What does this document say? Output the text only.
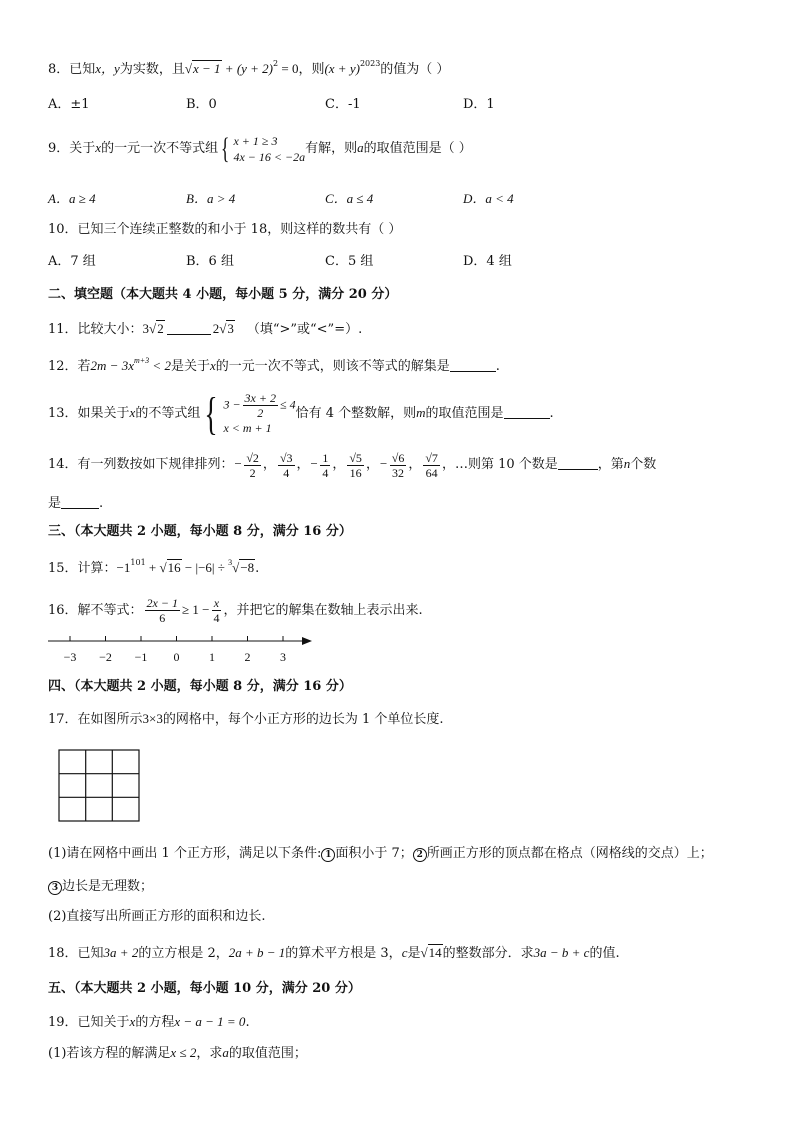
8．已知x，y为实数，且$√x - 1 + (y + 2)^2 = 0$，则$(x + y)^{2023}$的值为（ ）
A．±1	B．0	C．-1	D．1
9．关于x的一元一次不等式组 { x + 1 ≥ 3
4x − 16 < −2a
有解，则a的取值范围是（ ）
A．a ≥ 4	B．a > 4	C．a ≤ 4	D．a < 4
10．已知三个连续正整数的和小于 18，则这样的数共有（ ）
A．7 组	B．6 组	C．5 组	D．4 组
二、填空题（本大题共 4 小题，每小题 5 分，满分 20 分）
11．比较大小：3√2	2√3 （填“>”或“<”=）.
12．若$2m - 3x^{m+3} < 2$是关于x的一元一次不等式，则该不等式的解集是	.
13．如果关于x的不等式组 { $3 - \frac{3x + 2}{2} \le 4$
x < m + 1
恰有 4 个整数解，则m的取值范围是	.
14．有一列数按如下规律排列：− $\frac{√2}{2}$ ， $\frac{√3}{4}$ ，− $\frac{1}{4}$ ， $\frac{√5}{16}$ ，− $\frac{√6}{32}$ ， $\frac{√7}{64}$ ，…则第 10 个数是	，第n个数
是	.
三、（本大题共 2 小题，每小题 8 分，满分 16 分）
15．计算：$-1^{101} + √16 - |-6| \div ^3√-8$.
16．解不等式： $\frac{2x - 1}{6} \ge 1 - \frac{x}{4}$ ，并把它的解集在数轴上表示出来.
−3 −2 −1 0 1 2 3
四、（本大题共 2 小题，每小题 8 分，满分 16 分）
17．在如图所示3×3的网格中，每个小正方形的边长为 1 个单位长度.
(1)请在网格中画出 1 个正方形，满足以下条件: 1 面积小于 7； 2 所画正方形的顶点都在格点（网格线的交点）上；
3 边长是无理数；
(2)直接写出所画正方形的面积和边长.
18．已知3a + 2的立方根是 2，2a + b − 1的算术平方根是 3，c是√14的整数部分．求3a − b + c的值.
五、（本大题共 2 小题，每小题 10 分，满分 20 分）
19．已知关于x的方程x − a − 1 = 0.
(1)若该方程的解满足x ≤ 2，求a的取值范围；
